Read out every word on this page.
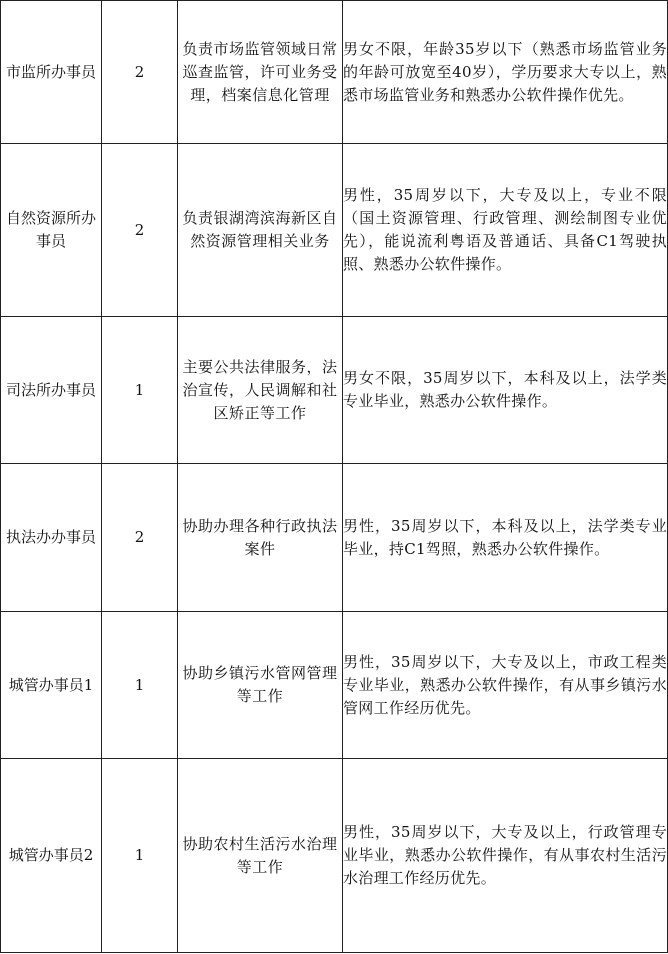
市监所办事员	2	负责市场监管领域日常巡查监管，许可业务受理，档案信息化管理	男女不限，年龄35岁以下（熟悉市场监管业务的年龄可放宽至40岁），学历要求大专以上，熟悉市场监管业务和熟悉办公软件操作优先。
自然资源所办事员	2	负责银湖湾滨海新区自然资源管理相关业务	男性，35周岁以下，大专及以上，专业不限（国土资源管理、行政管理、测绘制图专业优先），能说流利粤语及普通话、具备C1驾驶执照、熟悉办公软件操作。
司法所办事员	1	主要公共法律服务，法治宣传，人民调解和社区矫正等工作	男女不限，35周岁以下，本科及以上，法学类专业毕业，熟悉办公软件操作。
执法办办事员	2	协助办理各种行政执法案件	男性，35周岁以下，本科及以上，法学类专业毕业，持C1驾照，熟悉办公软件操作。
城管办事员1	1	协助乡镇污水管网管理等工作	男性，35周岁以下，大专及以上，市政工程类专业毕业，熟悉办公软件操作，有从事乡镇污水管网工作经历优先。
城管办事员2	1	协助农村生活污水治理等工作	男性，35周岁以下，大专及以上，行政管理专业毕业，熟悉办公软件操作，有从事农村生活污水治理工作经历优先。
